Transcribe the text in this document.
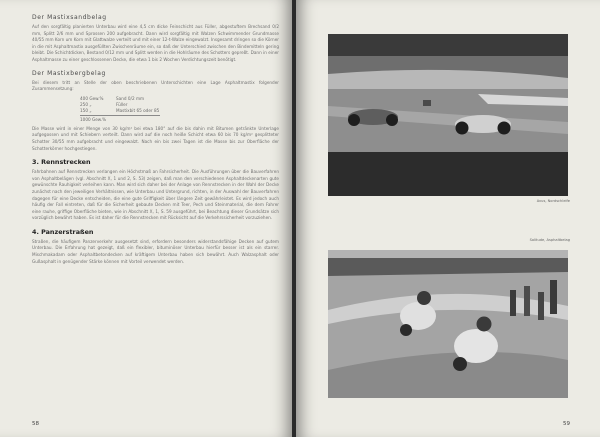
Der Mastixsandbelag

Auf den sorgfältig planierten Unterbau wird eine 4,5 cm dicke Feinschicht aus Füller, abgestuftem Brechsand 0/2 mm, Splitt 2/6 mm und Sprossen 200 aufgebracht. Dann wird sorgfältig mit Walzen Schwimmender Grundmasse 40/55 mm Korn um Korn mit Glattwalze verteilt und mit einer 12-t-Walze eingewalzt. Insgesamt dringen so die Körner in die mit Asphaltmastix ausgefüllten Zwischenräume ein, so daß der Unterschied zwischen den Bindemitteln gering bleibt. Die Schichtdicken, Bestand 0/12 mm und Splitt werden in die Hohlräume des Schotters gepreßt. Dann in einer Asphaltmasse zu einer geschlossenen Decke, die etwa 1 bis 2 Wochen Verdichtungszeit benötigt.

Der Mastixbergbelag

Bei diesem tritt an Stelle der oben beschriebenen Unterschichten eine Lage Asphaltmastix folgender Zusammensetzung:

400 Gew.%	Sand 0/2 mm
250 „	Füller
150 „	Mastixbit 65 oder 85
1000 Gew.%

Die Masse wird in einer Menge von 30 kg/m² bei etwa 180° auf die bis dahin mit Bitumen getränkte Unterlage aufgegossen und mit Schiebern verteilt. Dann wird auf die noch heiße Schicht etwa 60 bis 70 kg/m² gesplitteter Schotter 30/55 mm aufgebracht und eingewalzt. Nach ein bis zwei Tagen ist die Masse bis zur Oberfläche der Schotterkörner hochgestiegen.

3. Rennstrecken

Fahrbahnen auf Rennstrecken verlangen ein Höchstmaß an Fahrsicherheit. Die Ausführungen über die Bauverfahren von Asphaltbelägen (vgl. Abschnitt X, 1 und 2, S. 53) zeigen, daß man den verschiedenen Asphaltdeckenarten gute gewünschte Rauhigkeit verleihen kann. Man wird sich daher bei der Anlage von Rennstrecken in der Wahl der Decke zunächst nach den jeweiligen Verhältnissen, wie Unterbau und Untergrund, richten, in der Auswahl der Bauverfahren dagegen für eine Decke entscheiden, die eine gute Griffigkeit über längere Zeit gewährleistet. Es wird jedoch auch häufig der Fall eintreten, daß für die Sicherheit gebaute Decken mit Teer, Pech und Steinmaterial, die dem Fahrer eine rauhe, griffige Oberfläche bieten, wie in Abschnitt X, 1, S. 59 ausgeführt, bei Beachtung dieser Grundsätze sich vorzüglich bewährt haben. Es ist daher für die Rennstrecken mit Rücksicht auf die Verkehrssicherheit vorzuziehen.

4. Panzerstraßen

Straßen, die häufigem Panzerverkehr ausgesetzt sind, erfordern besonders widerstandsfähige Decken auf gutem Unterbau. Die Erfahrung hat gezeigt, daß ein flexibler, bituminöser Unterbau hierfür besser ist als ein starrer. Mischmakadam oder Asphaltbetondecken auf kräftigem Unterbau haben sich bewährt. Auch Walzasphalt oder Gußasphalt in genügender Stärke können mit Vorteil verwendet werden.

58
Avus, Nordschleife
Solitude, Asphaltbelag
59
